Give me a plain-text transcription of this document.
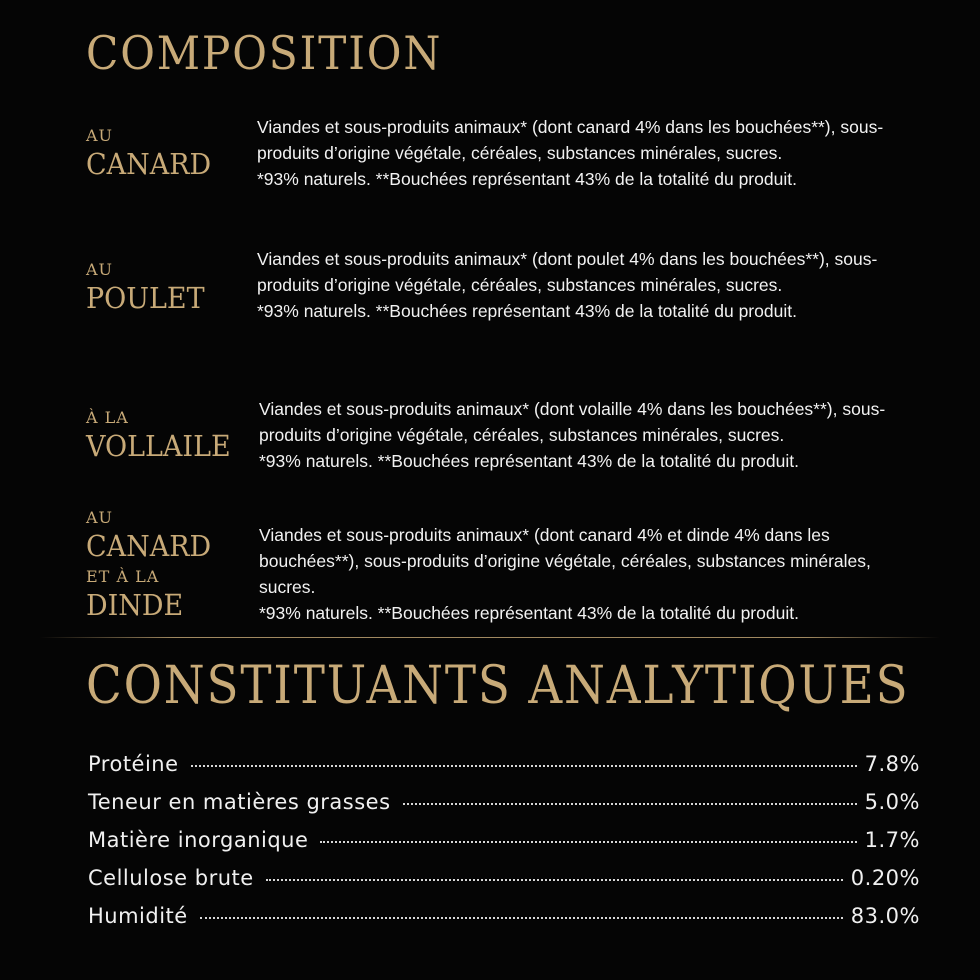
COMPOSITION
AU
CANARD

Viandes et sous-produits animaux* (dont canard 4% dans les bouchées**), sous-produits d’origine végétale, céréales, substances minérales, sucres.

*93% naturels. **Bouchées représentant 43% de la totalité du produit.

AU
POULET

Viandes et sous-produits animaux* (dont poulet 4% dans les bouchées**), sous-produits d’origine végétale, céréales, substances minérales, sucres.

*93% naturels. **Bouchées représentant 43% de la totalité du produit.

À LA
VOLLAILE

Viandes et sous-produits animaux* (dont volaille 4% dans les bouchées**), sous-produits d’origine végétale, céréales, substances minérales, sucres.

*93% naturels. **Bouchées représentant 43% de la totalité du produit.

AU
CANARD
ET À LA
DINDE

Viandes et sous-produits animaux* (dont canard 4% et dinde 4% dans les bouchées**), sous-produits d’origine végétale, céréales, substances minérales, sucres.

*93% naturels. **Bouchées représentant 43% de la totalité du produit.

CONSTITUANTS ANALYTIQUES
Protéine	7.8%
Teneur en matières grasses	5.0%
Matière inorganique	1.7%
Cellulose brute	0.20%
Humidité	83.0%
